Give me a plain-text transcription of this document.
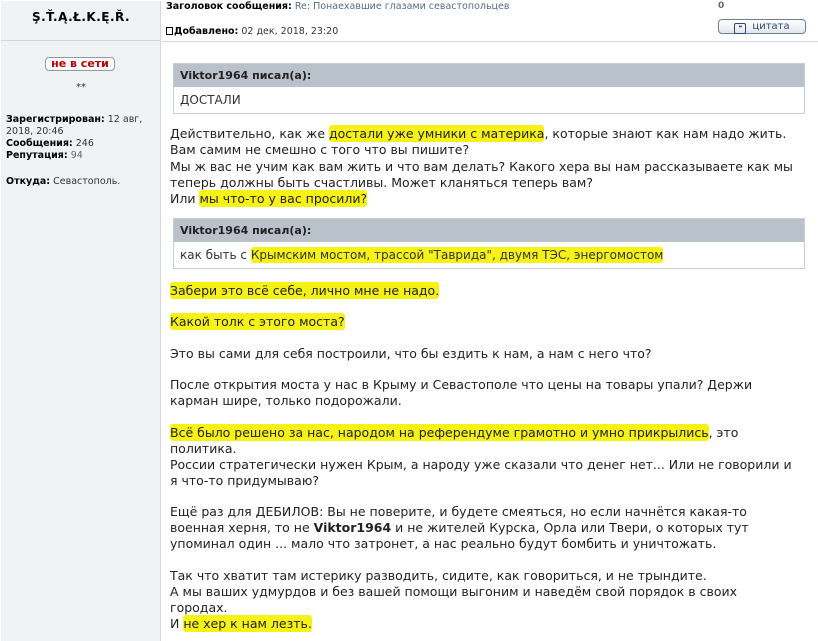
Ş.Ť.Ą.Ł.K.Ę.Ř.
не в сети
**
Зарегистрирован: 12 авг, 2018, 20:46
Сообщения: 246
Репутация: 94
Откуда: Севастополь.
Заголовок сообщения: Re: Понаехавшие глазами севастопольцев
Добавлено: 02 дек, 2018, 23:20
0
❝ цитата
Viktor1964 писал(а):
ДОСТАЛИ
Действительно, как же достали уже умники с материка, которые знают как нам надо жить.
Вам самим не смешно с того что вы пишите?
Мы ж вас не учим как вам жить и что вам делать? Какого хера вы нам рассказываете как мы
теперь должны быть счастливы. Может кланяться теперь вам?
Или мы что-то у вас просили?
Viktor1964 писал(а):
как быть с Крымским мостом, трассой "Таврида", двумя ТЭС, энергомостом
Забери это всё себе, лично мне не надо.
Какой толк с этого моста?
Это вы сами для себя построили, что бы ездить к нам, а нам с него что?
После открытия моста у нас в Крыму и Севастополе что цены на товары упали? Держи
карман шире, только подорожали.
Всё было решено за нас, народом на референдуме грамотно и умно прикрылись, это
политика.
России стратегически нужен Крым, а народу уже сказали что денег нет... Или не говорили и
я что-то придумываю?
Ещё раз для ДЕБИЛОВ: Вы не поверите, и будете смеяться, но если начнётся какая-то
военная херня, то не Viktor1964 и не жителей Курска, Орла или Твери, о которых тут
упоминал один ... мало что затронет, а нас реально будут бомбить и уничтожать.
Так что хватит там истерику разводить, сидите, как говориться, и не трындите.
А мы ваших удмурдов и без вашей помощи выгоним и наведём свой порядок в своих
городах.
И не хер к нам лезть.
